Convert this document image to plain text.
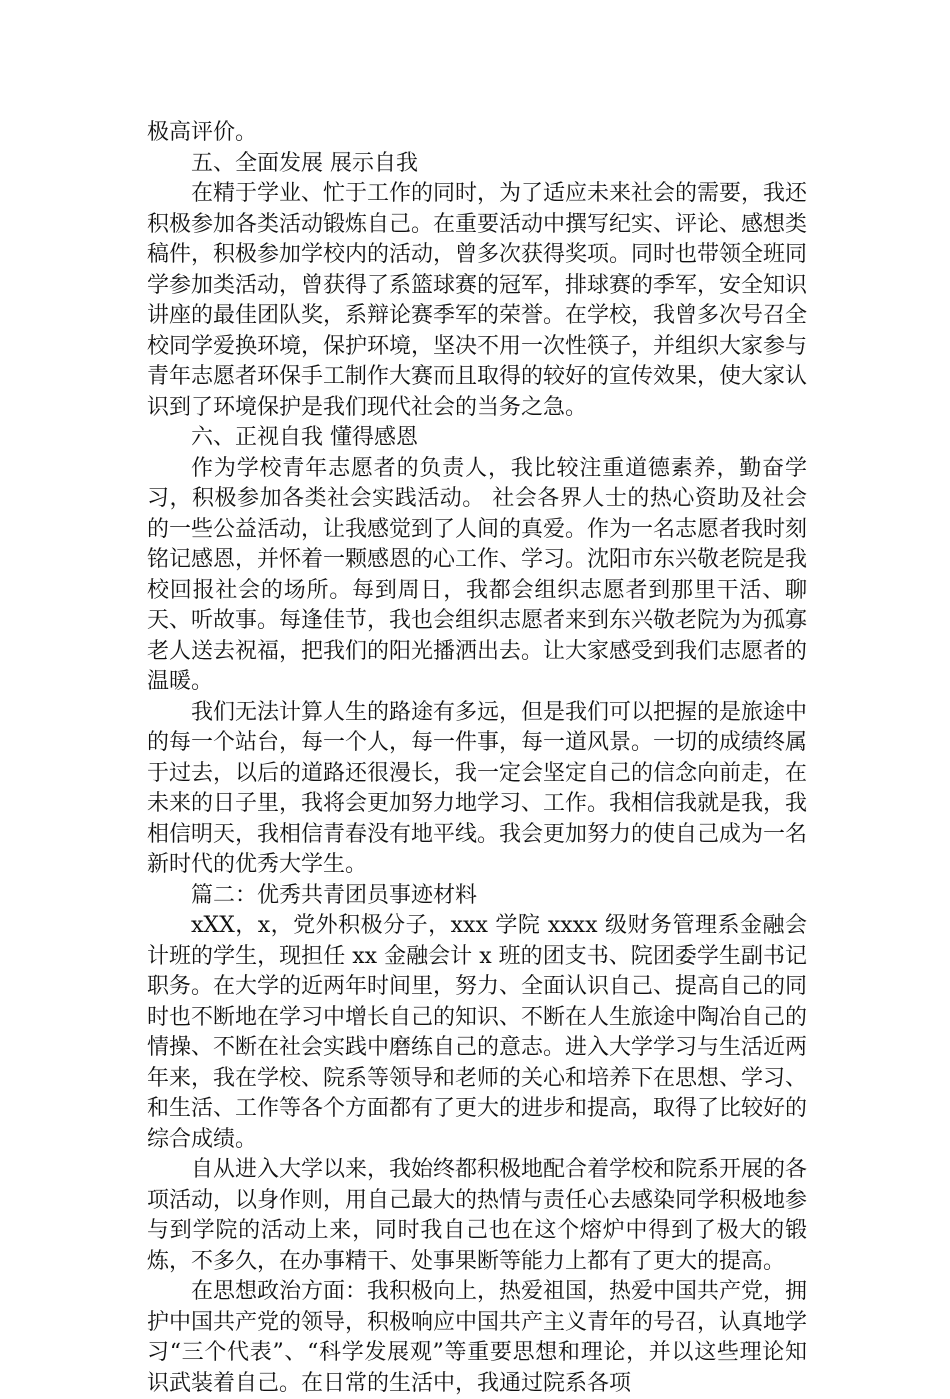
极高评价。

五、全面发展 展示自我

在精于学业、忙于工作的同时，为了适应未来社会的需要，我还积极参加各类活动锻炼自己。在重要活动中撰写纪实、评论、感想类稿件，积极参加学校内的活动，曾多次获得奖项。同时也带领全班同学参加类活动，曾获得了系篮球赛的冠军，排球赛的季军，安全知识讲座的最佳团队奖，系辩论赛季军的荣誉。在学校，我曾多次号召全校同学爱换环境，保护环境，坚决不用一次性筷子，并组织大家参与青年志愿者环保手工制作大赛而且取得的较好的宣传效果，使大家认识到了环境保护是我们现代社会的当务之急。

六、正视自我 懂得感恩

作为学校青年志愿者的负责人，我比较注重道德素养，勤奋学习，积极参加各类社会实践活动。 社会各界人士的热心资助及社会的一些公益活动，让我感觉到了人间的真爱。作为一名志愿者我时刻铭记感恩，并怀着一颗感恩的心工作、学习。沈阳市东兴敬老院是我校回报社会的场所。每到周日，我都会组织志愿者到那里干活、聊天、听故事。每逢佳节，我也会组织志愿者来到东兴敬老院为为孤寡老人送去祝福，把我们的阳光播洒出去。让大家感受到我们志愿者的温暖。

我们无法计算人生的路途有多远，但是我们可以把握的是旅途中的每一个站台，每一个人，每一件事，每一道风景。一切的成绩终属于过去，以后的道路还很漫长，我一定会坚定自己的信念向前走，在未来的日子里，我将会更加努力地学习、工作。我相信我就是我，我相信明天，我相信青春没有地平线。我会更加努力的使自己成为一名新时代的优秀大学生。

篇二：优秀共青团员事迹材料

xXX，x，党外积极分子，xxx 学院 xxxx 级财务管理系金融会计班的学生，现担任 xx 金融会计 x 班的团支书、院团委学生副书记职务。在大学的近两年时间里，努力、全面认识自己、提高自己的同时也不断地在学习中增长自己的知识、不断在人生旅途中陶冶自己的情操、不断在社会实践中磨练自己的意志。进入大学学习与生活近两年来，我在学校、院系等领导和老师的关心和培养下在思想、学习、和生活、工作等各个方面都有了更大的进步和提高，取得了比较好的综合成绩。

自从进入大学以来，我始终都积极地配合着学校和院系开展的各项活动，以身作则，用自己最大的热情与责任心去感染同学积极地参与到学院的活动上来，同时我自己也在这个熔炉中得到了极大的锻炼，不多久，在办事精干、处事果断等能力上都有了更大的提高。

在思想政治方面：我积极向上，热爱祖国，热爱中国共产党，拥护中国共产党的领导，积极响应中国共产主义青年的号召，认真地学习“三个代表”、“科学发展观”等重要思想和理论，并以这些理论知识武装着自己。在日常的生活中，我通过院系各项
